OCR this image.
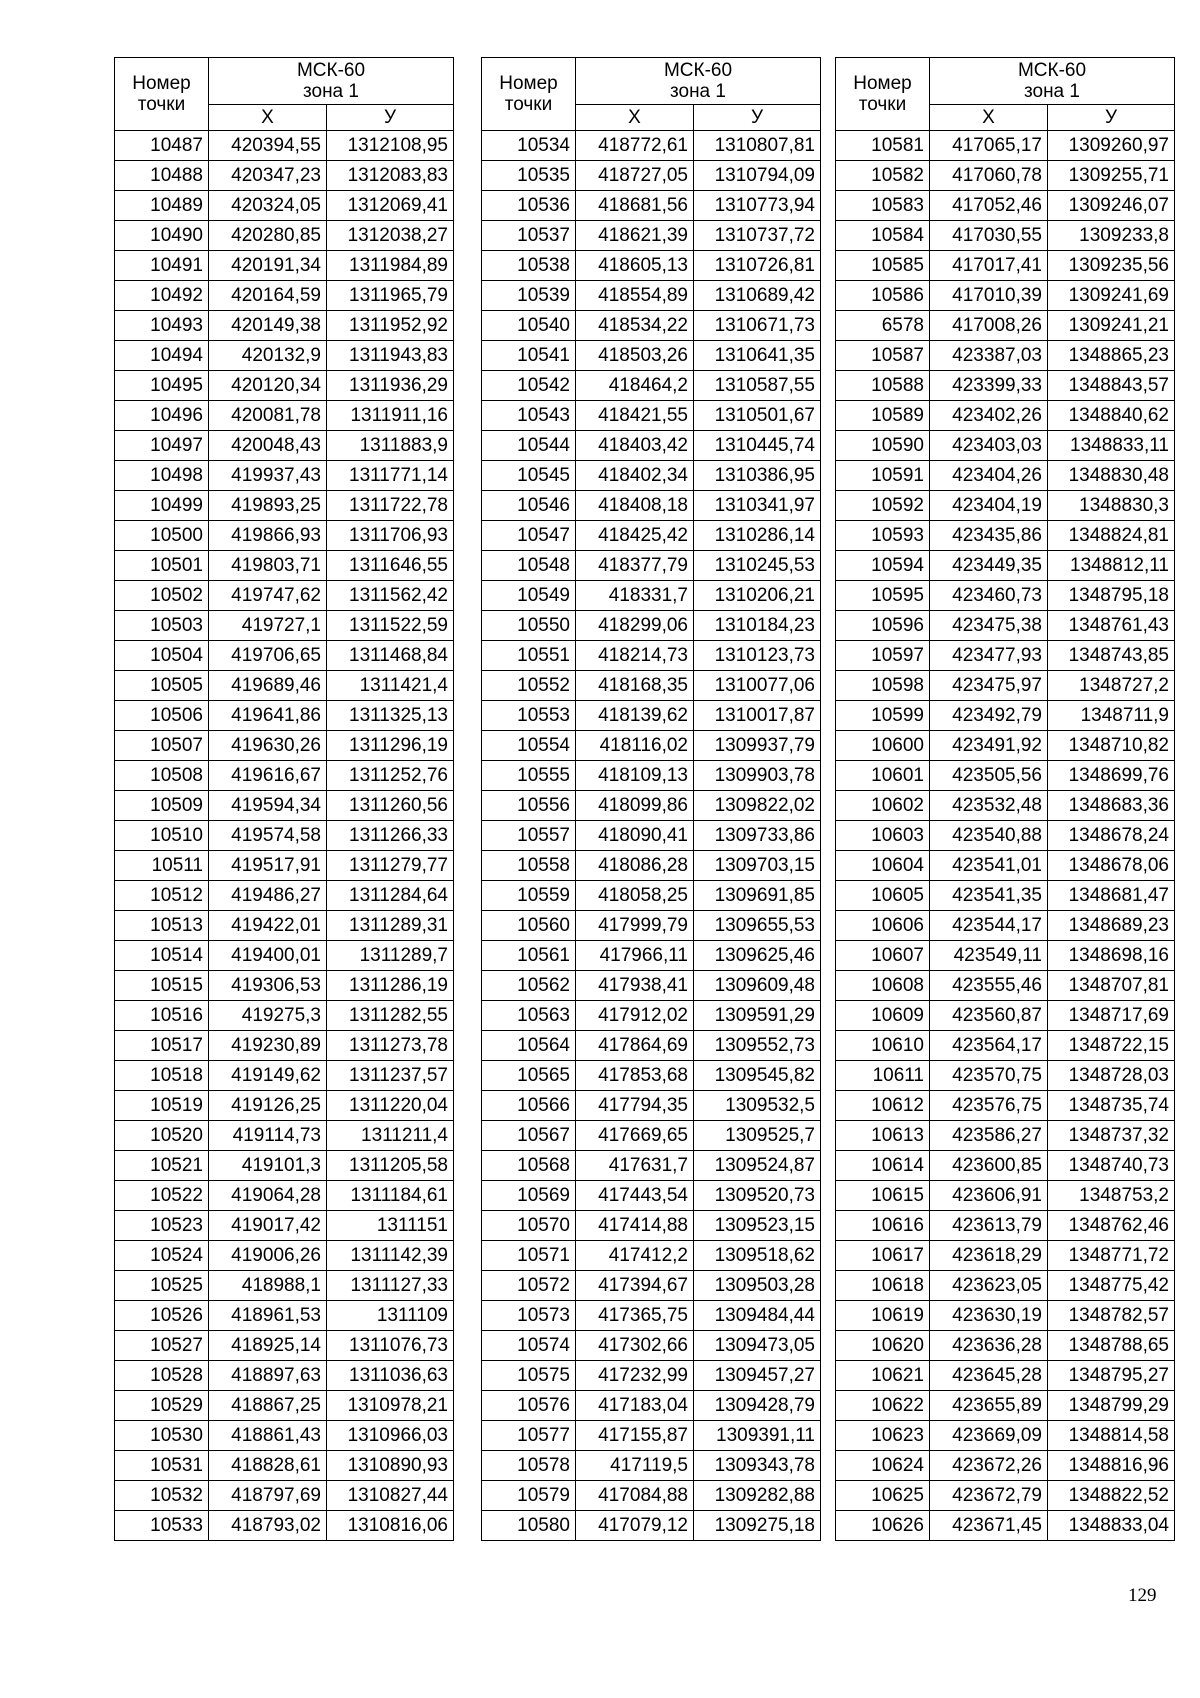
Номер
точки	МСК-60
зона 1	
	X	У
10487	420394,55	1312108,95
10488	420347,23	1312083,83
10489	420324,05	1312069,41
10490	420280,85	1312038,27
10491	420191,34	1311984,89
10492	420164,59	1311965,79
10493	420149,38	1311952,92
10494	420132,9	1311943,83
10495	420120,34	1311936,29
10496	420081,78	1311911,16
10497	420048,43	1311883,9
10498	419937,43	1311771,14
10499	419893,25	1311722,78
10500	419866,93	1311706,93
10501	419803,71	1311646,55
10502	419747,62	1311562,42
10503	419727,1	1311522,59
10504	419706,65	1311468,84
10505	419689,46	1311421,4
10506	419641,86	1311325,13
10507	419630,26	1311296,19
10508	419616,67	1311252,76
10509	419594,34	1311260,56
10510	419574,58	1311266,33
10511	419517,91	1311279,77
10512	419486,27	1311284,64
10513	419422,01	1311289,31
10514	419400,01	1311289,7
10515	419306,53	1311286,19
10516	419275,3	1311282,55
10517	419230,89	1311273,78
10518	419149,62	1311237,57
10519	419126,25	1311220,04
10520	419114,73	1311211,4
10521	419101,3	1311205,58
10522	419064,28	1311184,61
10523	419017,42	1311151
10524	419006,26	1311142,39
10525	418988,1	1311127,33
10526	418961,53	1311109
10527	418925,14	1311076,73
10528	418897,63	1311036,63
10529	418867,25	1310978,21
10530	418861,43	1310966,03
10531	418828,61	1310890,93
10532	418797,69	1310827,44
10533	418793,02	1310816,06
Номер
точки	МСК-60
зона 1	
	X	У
10534	418772,61	1310807,81
10535	418727,05	1310794,09
10536	418681,56	1310773,94
10537	418621,39	1310737,72
10538	418605,13	1310726,81
10539	418554,89	1310689,42
10540	418534,22	1310671,73
10541	418503,26	1310641,35
10542	418464,2	1310587,55
10543	418421,55	1310501,67
10544	418403,42	1310445,74
10545	418402,34	1310386,95
10546	418408,18	1310341,97
10547	418425,42	1310286,14
10548	418377,79	1310245,53
10549	418331,7	1310206,21
10550	418299,06	1310184,23
10551	418214,73	1310123,73
10552	418168,35	1310077,06
10553	418139,62	1310017,87
10554	418116,02	1309937,79
10555	418109,13	1309903,78
10556	418099,86	1309822,02
10557	418090,41	1309733,86
10558	418086,28	1309703,15
10559	418058,25	1309691,85
10560	417999,79	1309655,53
10561	417966,11	1309625,46
10562	417938,41	1309609,48
10563	417912,02	1309591,29
10564	417864,69	1309552,73
10565	417853,68	1309545,82
10566	417794,35	1309532,5
10567	417669,65	1309525,7
10568	417631,7	1309524,87
10569	417443,54	1309520,73
10570	417414,88	1309523,15
10571	417412,2	1309518,62
10572	417394,67	1309503,28
10573	417365,75	1309484,44
10574	417302,66	1309473,05
10575	417232,99	1309457,27
10576	417183,04	1309428,79
10577	417155,87	1309391,11
10578	417119,5	1309343,78
10579	417084,88	1309282,88
10580	417079,12	1309275,18
Номер
точки	МСК-60
зона 1	
	X	У
10581	417065,17	1309260,97
10582	417060,78	1309255,71
10583	417052,46	1309246,07
10584	417030,55	1309233,8
10585	417017,41	1309235,56
10586	417010,39	1309241,69
6578	417008,26	1309241,21
10587	423387,03	1348865,23
10588	423399,33	1348843,57
10589	423402,26	1348840,62
10590	423403,03	1348833,11
10591	423404,26	1348830,48
10592	423404,19	1348830,3
10593	423435,86	1348824,81
10594	423449,35	1348812,11
10595	423460,73	1348795,18
10596	423475,38	1348761,43
10597	423477,93	1348743,85
10598	423475,97	1348727,2
10599	423492,79	1348711,9
10600	423491,92	1348710,82
10601	423505,56	1348699,76
10602	423532,48	1348683,36
10603	423540,88	1348678,24
10604	423541,01	1348678,06
10605	423541,35	1348681,47
10606	423544,17	1348689,23
10607	423549,11	1348698,16
10608	423555,46	1348707,81
10609	423560,87	1348717,69
10610	423564,17	1348722,15
10611	423570,75	1348728,03
10612	423576,75	1348735,74
10613	423586,27	1348737,32
10614	423600,85	1348740,73
10615	423606,91	1348753,2
10616	423613,79	1348762,46
10617	423618,29	1348771,72
10618	423623,05	1348775,42
10619	423630,19	1348782,57
10620	423636,28	1348788,65
10621	423645,28	1348795,27
10622	423655,89	1348799,29
10623	423669,09	1348814,58
10624	423672,26	1348816,96
10625	423672,79	1348822,52
10626	423671,45	1348833,04
129
